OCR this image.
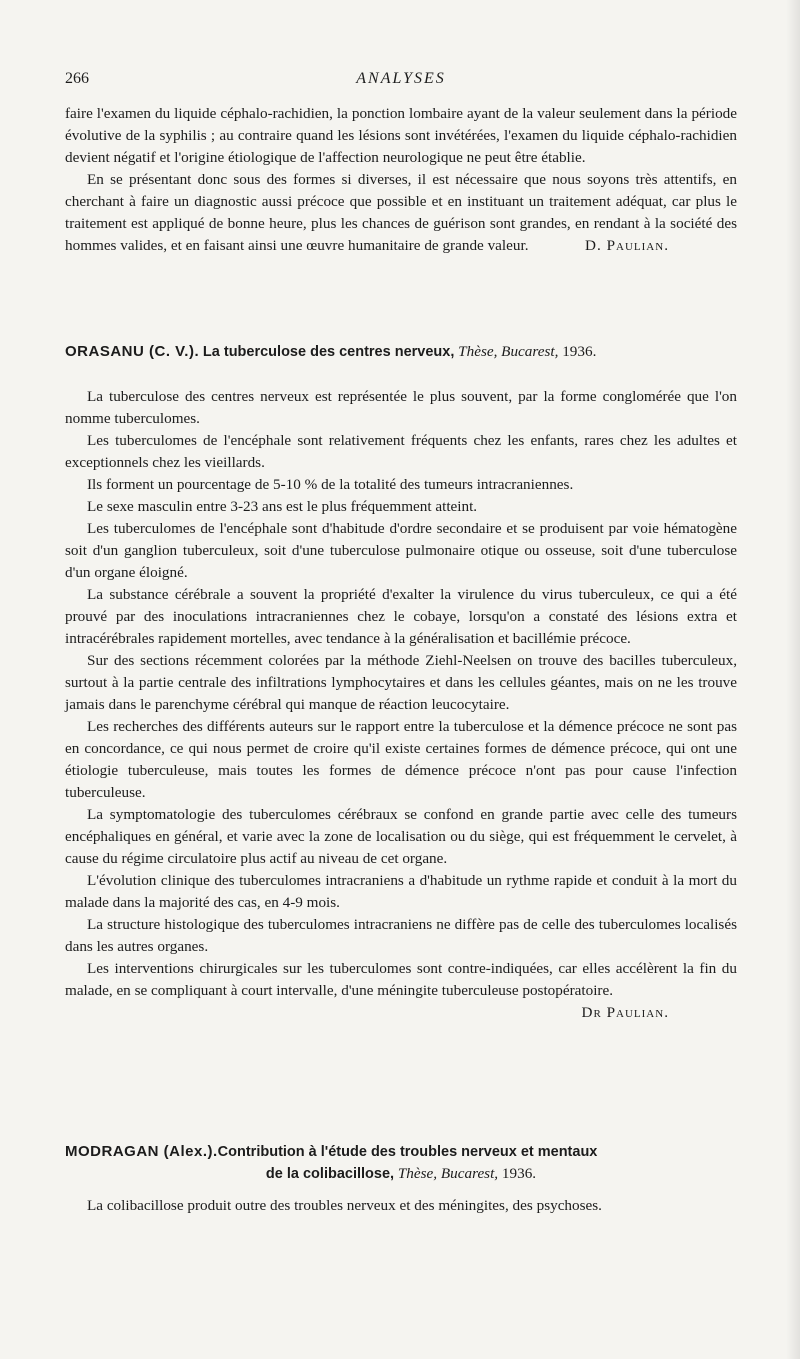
266	ANALYSES

faire l'examen du liquide céphalo-rachidien, la ponction lombaire ayant de la valeur seulement dans la période évolutive de la syphilis ; au contraire quand les lésions sont invétérées, l'examen du liquide céphalo-rachidien devient négatif et l'origine étiologique de l'affection neurologique ne peut être établie.

En se présentant donc sous des formes si diverses, il est nécessaire que nous soyons très attentifs, en cherchant à faire un diagnostic aussi précoce que possible et en instituant un traitement adéquat, car plus le traitement est appliqué de bonne heure, plus les chances de guérison sont grandes, en rendant à la société des hommes valides, et en faisant ainsi une œuvre humanitaire de grande valeur.	D. Paulian.

ORASANU (C. V.). La tuberculose des centres nerveux, Thèse, Bucarest, 1936.

La tuberculose des centres nerveux est représentée le plus souvent, par la forme conglomérée que l'on nomme tuberculomes.

Les tuberculomes de l'encéphale sont relativement fréquents chez les enfants, rares chez les adultes et exceptionnels chez les vieillards.

Ils forment un pourcentage de 5-10 % de la totalité des tumeurs intracraniennes.

Le sexe masculin entre 3-23 ans est le plus fréquemment atteint.

Les tuberculomes de l'encéphale sont d'habitude d'ordre secondaire et se produisent par voie hématogène soit d'un ganglion tuberculeux, soit d'une tuberculose pulmonaire otique ou osseuse, soit d'une tuberculose d'un organe éloigné.

La substance cérébrale a souvent la propriété d'exalter la virulence du virus tuberculeux, ce qui a été prouvé par des inoculations intracraniennes chez le cobaye, lorsqu'on a constaté des lésions extra et intracérébrales rapidement mortelles, avec tendance à la généralisation et bacillémie précoce.

Sur des sections récemment colorées par la méthode Ziehl-Neelsen on trouve des bacilles tuberculeux, surtout à la partie centrale des infiltrations lymphocytaires et dans les cellules géantes, mais on ne les trouve jamais dans le parenchyme cérébral qui manque de réaction leucocytaire.

Les recherches des différents auteurs sur le rapport entre la tuberculose et la démence précoce ne sont pas en concordance, ce qui nous permet de croire qu'il existe certaines formes de démence précoce, qui ont une étiologie tuberculeuse, mais toutes les formes de démence précoce n'ont pas pour cause l'infection tuberculeuse.

La symptomatologie des tuberculomes cérébraux se confond en grande partie avec celle des tumeurs encéphaliques en général, et varie avec la zone de localisation ou du siège, qui est fréquemment le cervelet, à cause du régime circulatoire plus actif au niveau de cet organe.

L'évolution clinique des tuberculomes intracraniens a d'habitude un rythme rapide et conduit à la mort du malade dans la majorité des cas, en 4-9 mois.

La structure histologique des tuberculomes intracraniens ne diffère pas de celle des tuberculomes localisés dans les autres organes.

Les interventions chirurgicales sur les tuberculomes sont contre-indiquées, car elles accélèrent la fin du malade, en se compliquant à court intervalle, d'une méningite tuberculeuse postopératoire.
Dr Paulian.

MODRAGAN (Alex.).Contribution à l'étude des troubles nerveux et mentaux
de la colibacillose, Thèse, Bucarest, 1936.

La colibacillose produit outre des troubles nerveux et des méningites, des psychoses.
